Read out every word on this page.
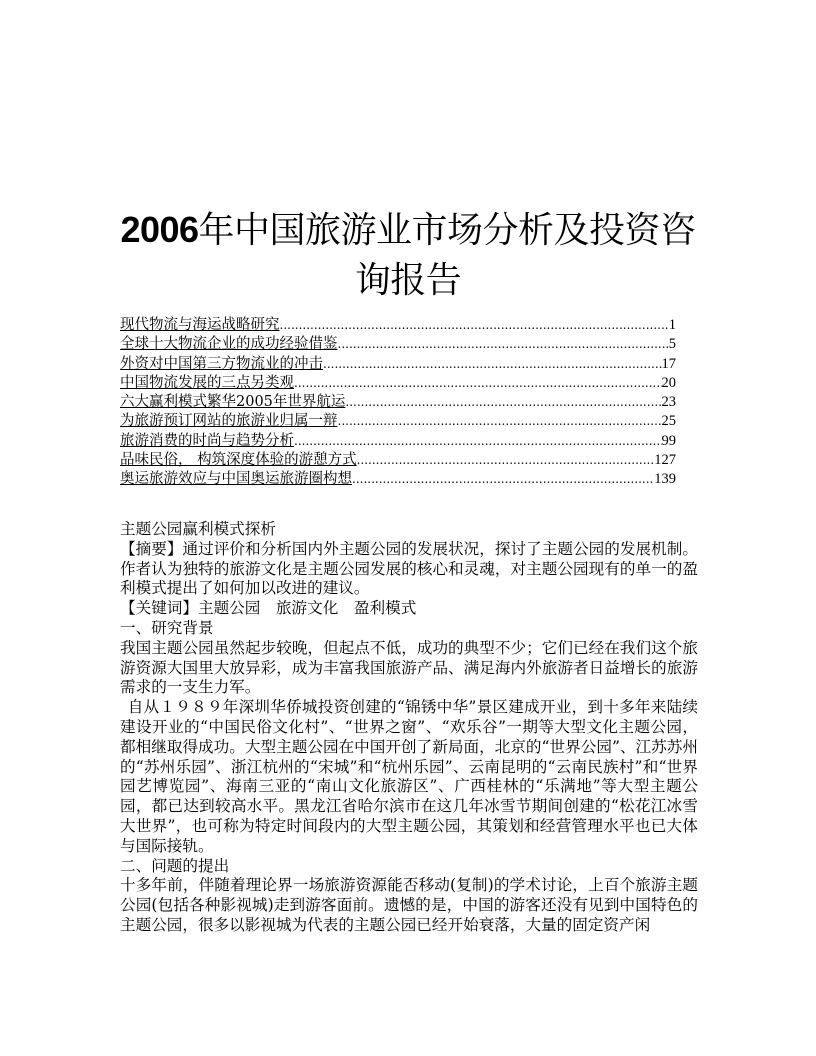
2006年中国旅游业市场分析及投资咨询报告
现代物流与海运战略研究 .....	1
全球十大物流企业的成功经验借鉴 .....	5
外资对中国第三方物流业的冲击 .....	17
中国物流发展的三点另类观 .....	20
六大赢利模式繁华2005年世界航运 .....	23
为旅游预订网站的旅游业归属一辩 .....	25
旅游消费的时尚与趋势分析 .....	99
品味民俗， 构筑深度体验的游憩方式 .....	127
奥运旅游效应与中国奥运旅游圈构想 .....	139

主题公园赢利模式探析

【摘要】通过评价和分析国内外主题公园的发展状况，探讨了主题公园的发展机制。作者认为独特的旅游文化是主题公园发展的核心和灵魂，对主题公园现有的单一的盈利模式提出了如何加以改进的建议。

【关键词】主题公园　旅游文化　盈利模式

一、研究背景

我国主题公园虽然起步较晚，但起点不低，成功的典型不少；它们已经在我们这个旅游资源大国里大放异彩，成为丰富我国旅游产品、满足海内外旅游者日益增长的旅游需求的一支生力军。

自从１９８９年深圳华侨城投资创建的“锦锈中华”景区建成开业，到十多年来陆续建设开业的“中国民俗文化村”、“世界之窗”、“欢乐谷”一期等大型文化主题公园，都相继取得成功。大型主题公园在中国开创了新局面，北京的“世界公园”、江苏苏州的“苏州乐园”、浙江杭州的“宋城”和“杭州乐园”、云南昆明的“云南民族村”和“世界园艺博览园”、海南三亚的“南山文化旅游区”、广西桂林的“乐满地”等大型主题公园，都已达到较高水平。黑龙江省哈尔滨市在这几年冰雪节期间创建的“松花江冰雪大世界”，也可称为特定时间段内的大型主题公园，其策划和经营管理水平也已大体与国际接轨。

二、问题的提出

十多年前，伴随着理论界一场旅游资源能否移动(复制)的学术讨论，上百个旅游主题公园(包括各种影视城)走到游客面前。遗憾的是，中国的游客还没有见到中国特色的主题公园，很多以影视城为代表的主题公园已经开始衰落，大量的固定资产闲
